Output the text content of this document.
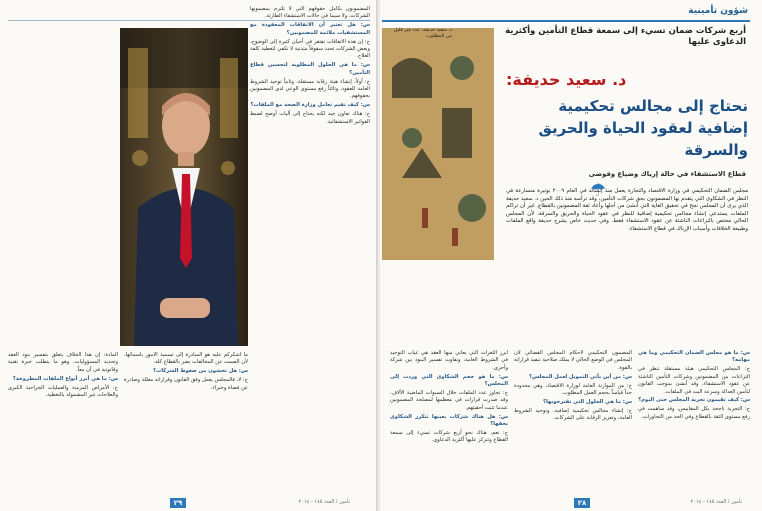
المضمونون بكامل حقوقهم التي لا تلتزم بمضمونها الشركات، ولا سيما في حالات الاستشفاء الطارئة.

س: هل تعتبر أن الاتفاقات المعقودة مع المستشفيات ملائمة للمضمونين؟

ج: إن هذه الاتفاقات تفتقر في أحيان كثيرة إلى الوضوح، وبعض الشركات تحدد سقوفاً متدنية لا تكفي لتغطية كلفة العلاج.

س: ما هي الحلول المطلوبة لتحسين قطاع التأمين؟

ج: أولاً، إنشاء هيئة رقابة مستقلة، وثانياً توحيد الشروط العامة للعقود، وثالثاً رفع مستوى الوعي لدى المضمونين بحقوقهم.

س: كيف تقيم تعامل وزارة الصحة مع الملفات؟

ج: هناك تعاون جيد لكنه يحتاج إلى آليات أوضح لضبط الفواتير الاستشفائية.

ما أشكركم عليه هو المبادرة إلى تسمية الأمور بأسمائها، لأن الصمت عن المخالفات يضر بالقطاع كله.

س: هل تخشون من ضغوط الشركات؟

ج: لا، فالمجلس يعمل وفق القانون وقراراته معللة وصادرة عن قضاة وخبراء.

المادة: إن هذا الخلاف يتعلق بتفسير بنود العقد وتحديد المسؤوليات، وهو ما يتطلب خبرة تقنية وقانونية في آن معاً.

س: ما هي أبرز أنواع الملفات المطروحة؟

ج: الأمراض المزمنة والعمليات الجراحية الكبرى والعلاجات غير المشمولة بالتغطية.

تأمين / العدد ١٤٥ - ٢٠١٤
٢٩
شؤون تأمينية
د. سعيد حديفة: عدد غير قليل من المطلوب
أربع شركات ضمان تسيء إلى سمعة قطاع التأمين وأكثرية الدعاوى عليها
د. سعيد حديفة:
نحتاج إلى مجالس تحكيمية إضافية لعقود الحياة والحريق والسرقة
قطاع الاستشفاء في حالة إرباك وضياع وفوضى
☂
مجلس الضمان التحكيمي في وزارة الاقتصاد والتجارة يعمل منذ إنشائه في العام ٢٠٠٩ بوتيرة متسارعة في النظر في الشكاوى التي يتقدم بها المضمونون بحق شركات التأمين، وقد ترأسه منذ ذلك الحين د. سعيد حديفة الذي يرى أن المجلس نجح في تحقيق الغاية التي أنشئ من أجلها وأعاد ثقة المضمونين بالقطاع. غير أن تراكم الملفات يستدعي إنشاء مجالس تحكيمية إضافية للنظر في عقود الحياة والحريق والسرقة، لأن المجلس الحالي مختص بالنزاعات الناشئة عن عقود الاستشفاء فقط. وفي حديث خاص يشرح حديفة واقع الملفات وطبيعة الخلافات وأسباب الإرباك في قطاع الاستشفاء.

س: ما هو مجلس الضمان التحكيمي وما هي مهامه؟

ج: المجلس التحكيمي هيئة مستقلة تنظر في النزاعات بين المضمونين وشركات التأمين الناشئة عن عقود الاستشفاء، وقد أنشئ بموجب القانون لتأمين العدالة وسرعة البت في الملفات.

س: كيف تقيمون تجربة المجلس حتى اليوم؟

ج: التجربة ناجحة بكل المقاييس، وقد ساهمت في رفع مستوى الثقة بالقطاع وفي الحد من التجاوزات.

المضمون التحكيمي لأحكام المجلس القضائي لأن المجلس في الوضع الحالي لا يملك صلاحية تنفيذ قراراته بالقوة.

س: من أين يأتي التمويل لعمل المجلس؟

ج: من الموازنة العامة لوزارة الاقتصاد، وهي محدودة جداً قياساً بحجم العمل المطلوب.

س: ما هي الحلول التي تقترحونها؟

ج: إنشاء مجالس تحكيمية إضافية، وتوحيد الشروط العامة، وتعزيز الرقابة على الشركات.

أبرز الثغرات التي يعاني منها العقد هي غياب التوحيد في الشروط العامة، وتفاوت تفسير البنود بين شركة وأخرى.

س: ما هو حجم الشكاوى التي وردت إلى المجلس؟

ج: تجاوز عدد الملفات خلال السنوات الماضية الآلاف، وقد صدرت قرارات في معظمها لمصلحة المضمونين عندما تثبت أحقيتهم.

س: هل هناك شركات بعينها تتكرر الشكاوى بحقها؟

ج: نعم، هناك نحو أربع شركات تسيء إلى سمعة القطاع وتتركز عليها أكثرية الدعاوى.

تأمين / العدد ١٤٥ - ٢٠١٤
٢٨
